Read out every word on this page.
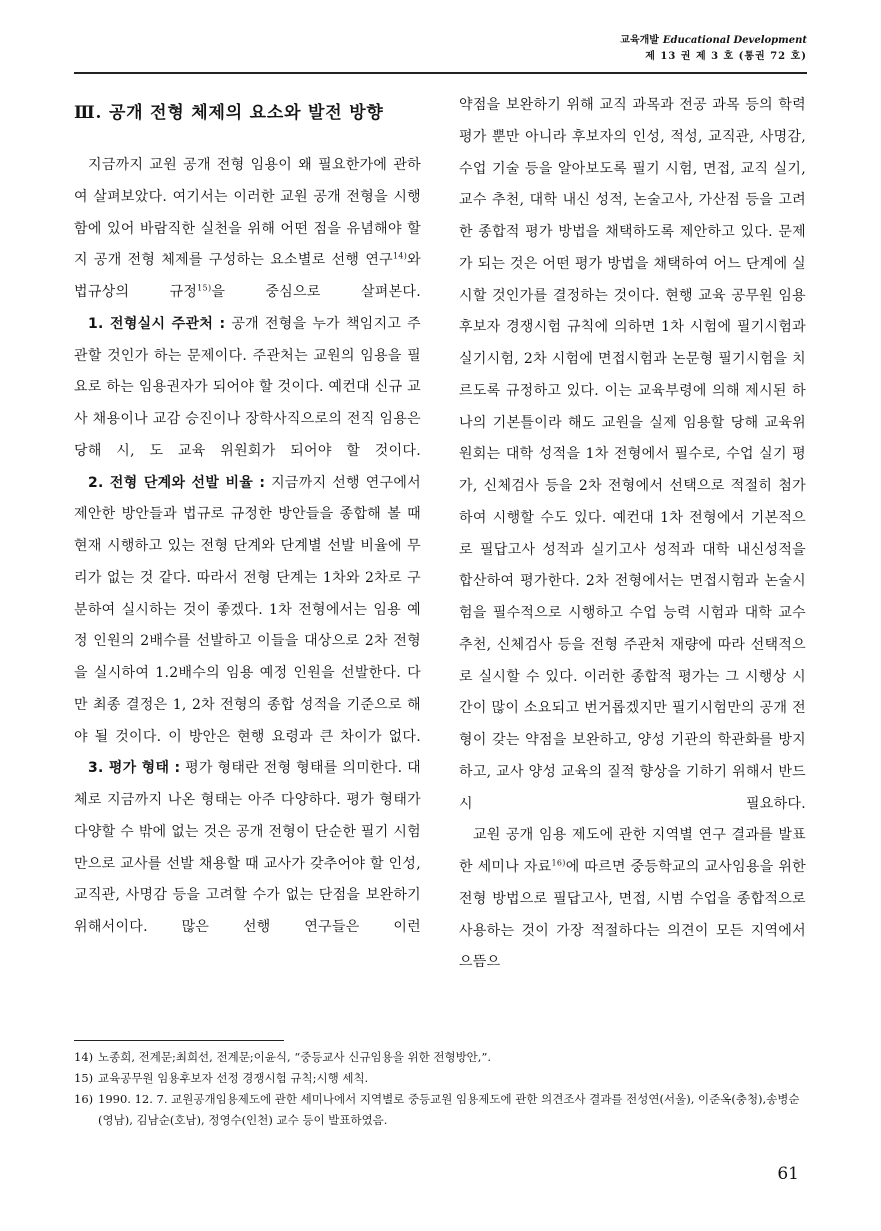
교육개발 Educational Development
제 13 권 제 3 호 (통권 72 호)
Ⅲ. 공개 전형 체제의 요소와 발전 방향

지금까지 교원 공개 전형 임용이 왜 필요한가에 관하여 살펴보았다. 여기서는 이러한 교원 공개 전형을 시행함에 있어 바람직한 실천을 위해 어떤 점을 유념해야 할 지 공개 전형 체제를 구성하는 요소별로 선행 연구$^{14)}$와 법규상의 규정$^{15)}$을 중심으로 살펴본다.

1. 전형실시 주관처 : 공개 전형을 누가 책임지고 주관할 것인가 하는 문제이다. 주관처는 교원의 임용을 필요로 하는 임용권자가 되어야 할 것이다. 예컨대 신규 교사 채용이나 교감 승진이나 장학사직으로의 전직 임용은 당해 시, 도 교육 위원회가 되어야 할 것이다.

2. 전형 단계와 선발 비율 : 지금까지 선행 연구에서 제안한 방안들과 법규로 규정한 방안들을 종합해 볼 때 현재 시행하고 있는 전형 단계와 단계별 선발 비율에 무리가 없는 것 같다. 따라서 전형 단계는 1차와 2차로 구분하여 실시하는 것이 좋겠다. 1차 전형에서는 임용 예정 인원의 2배수를 선발하고 이들을 대상으로 2차 전형을 실시하여 1.2배수의 임용 예정 인원을 선발한다. 다만 최종 결정은 1, 2차 전형의 종합 성적을 기준으로 해야 될 것이다. 이 방안은 현행 요령과 큰 차이가 없다.

3. 평가 형태 : 평가 형태란 전형 형태를 의미한다. 대체로 지금까지 나온 형태는 아주 다양하다. 평가 형태가 다양할 수 밖에 없는 것은 공개 전형이 단순한 필기 시험만으로 교사를 선발 채용할 때 교사가 갖추어야 할 인성, 교직관, 사명감 등을 고려할 수가 없는 단점을 보완하기 위해서이다. 많은 선행 연구들은 이런

약점을 보완하기 위해 교직 과목과 전공 과목 등의 학력 평가 뿐만 아니라 후보자의 인성, 적성, 교직관, 사명감, 수업 기술 등을 알아보도록 필기 시험, 면접, 교직 실기, 교수 추천, 대학 내신 성적, 논술고사, 가산점 등을 고려한 종합적 평가 방법을 채택하도록 제안하고 있다. 문제가 되는 것은 어떤 평가 방법을 채택하여 어느 단계에 실시할 것인가를 결정하는 것이다. 현행 교육 공무원 임용 후보자 경쟁시험 규칙에 의하면 1차 시험에 필기시험과 실기시험, 2차 시험에 면접시험과 논문형 필기시험을 치르도록 규정하고 있다. 이는 교육부령에 의해 제시된 하나의 기본틀이라 해도 교원을 실제 임용할 당해 교육위원회는 대학 성적을 1차 전형에서 필수로, 수업 실기 평가, 신체검사 등을 2차 전형에서 선택으로 적절히 첨가하여 시행할 수도 있다. 예컨대 1차 전형에서 기본적으로 필답고사 성적과 실기고사 성적과 대학 내신성적을 합산하여 평가한다. 2차 전형에서는 면접시험과 논술시험을 필수적으로 시행하고 수업 능력 시험과 대학 교수 추천, 신체검사 등을 전형 주관처 재량에 따라 선택적으로 실시할 수 있다. 이러한 종합적 평가는 그 시행상 시간이 많이 소요되고 번거롭겠지만 필기시험만의 공개 전형이 갖는 약점을 보완하고, 양성 기관의 학관화를 방지하고, 교사 양성 교육의 질적 향상을 기하기 위해서 반드시 필요하다.

교원 공개 임용 제도에 관한 지역별 연구 결과를 발표한 세미나 자료$^{16)}$에 따르면 중등학교의 교사임용을 위한 전형 방법으로 필답고사, 면접, 시범 수업을 종합적으로 사용하는 것이 가장 적절하다는 의견이 모든 지역에서 으뜸으

14) 노종희, 전계문;최희선, 전계문;이윤식, “중등교사 신규임용을 위한 전형방안,”.
15) 교육공무원 임용후보자 선정 경쟁시험 규칙;시행 세칙.
16) 1990. 12. 7. 교원공개임용제도에 관한 세미나에서 지역별로 중등교원 임용제도에 관한 의견조사 결과를 전성연(서울), 이준옥(충청),송병순(영남), 김남순(호남), 정영수(인천) 교수 등이 발표하였음.
61
